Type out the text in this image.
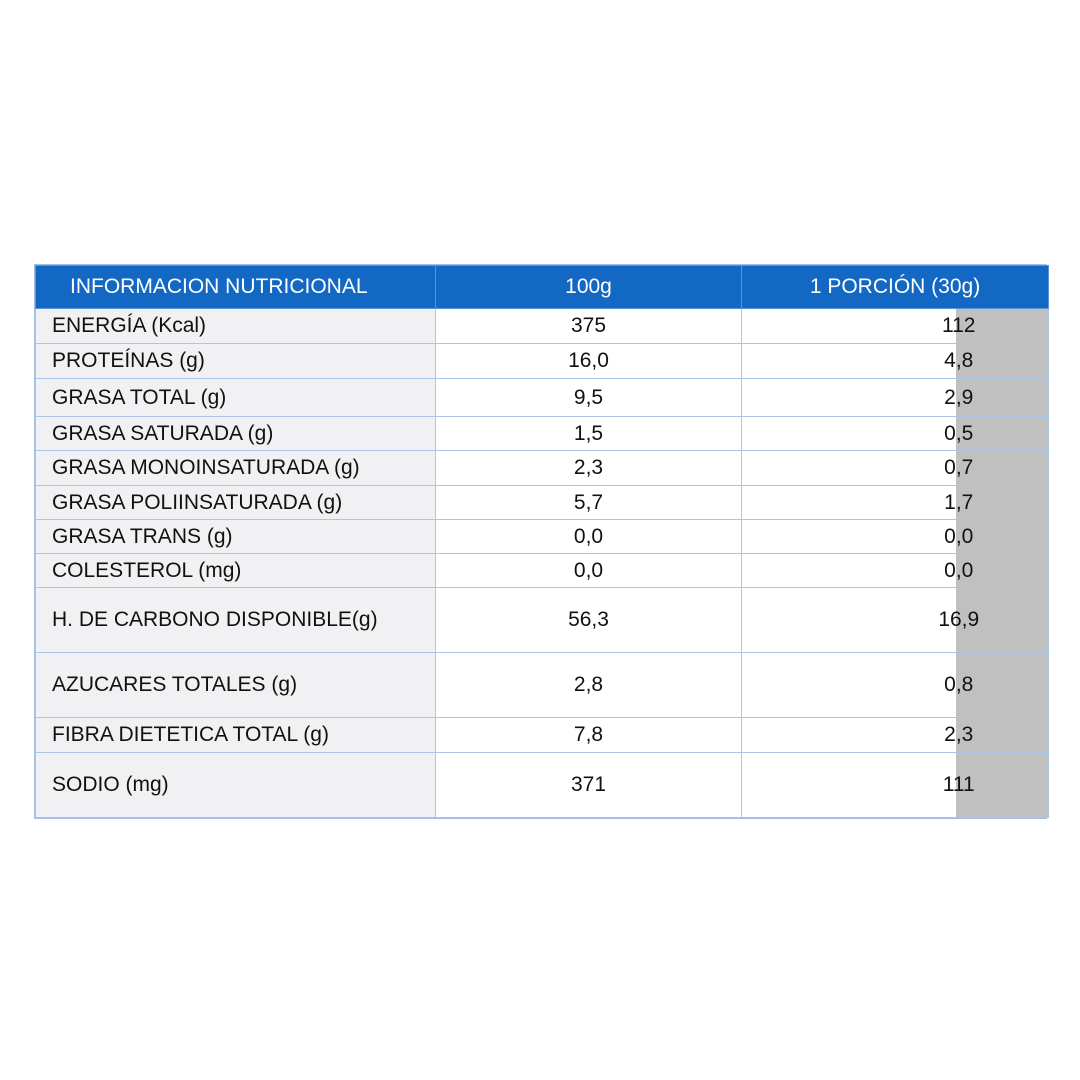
INFORMACION NUTRICIONAL	100g	1 PORCIÓN (30g)	
ENERGÍA (Kcal)	375	112	

PROTEÍNAS (g)	16,0	4,8	

GRASA TOTAL (g)	9,5	2,9	

GRASA SATURADA (g)	1,5	0,5	

GRASA MONOINSATURADA (g)	2,3	0,7	

GRASA POLIINSATURADA (g)	5,7	1,7	

GRASA TRANS (g)	0,0	0,0	

COLESTEROL (mg)	0,0	0,0	

H. DE CARBONO DISPONIBLE(g)	56,3	16,9	

AZUCARES TOTALES (g)	2,8	0,8	

FIBRA DIETETICA TOTAL (g)	7,8	2,3	

SODIO (mg)	371	111	
